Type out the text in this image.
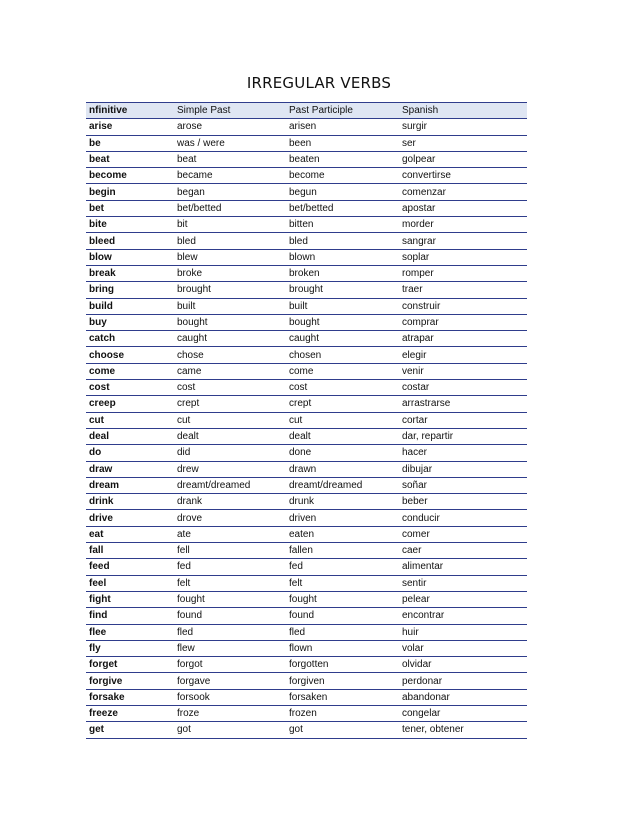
IRREGULAR VERBS
nfinitive	Simple Past	Past Participle	Spanish
arise	arose	arisen	surgir
be	was / were	been	ser
beat	beat	beaten	golpear
become	became	become	convertirse
begin	began	begun	comenzar
bet	bet/betted	bet/betted	apostar
bite	bit	bitten	morder
bleed	bled	bled	sangrar
blow	blew	blown	soplar
break	broke	broken	romper
bring	brought	brought	traer
build	built	built	construir
buy	bought	bought	comprar
catch	caught	caught	atrapar
choose	chose	chosen	elegir
come	came	come	venir
cost	cost	cost	costar
creep	crept	crept	arrastrarse
cut	cut	cut	cortar
deal	dealt	dealt	dar, repartir
do	did	done	hacer
draw	drew	drawn	dibujar
dream	dreamt/dreamed	dreamt/dreamed	soñar
drink	drank	drunk	beber
drive	drove	driven	conducir
eat	ate	eaten	comer
fall	fell	fallen	caer
feed	fed	fed	alimentar
feel	felt	felt	sentir
fight	fought	fought	pelear
find	found	found	encontrar
flee	fled	fled	huir
fly	flew	flown	volar
forget	forgot	forgotten	olvidar
forgive	forgave	forgiven	perdonar
forsake	forsook	forsaken	abandonar
freeze	froze	frozen	congelar
get	got	got	tener, obtener
